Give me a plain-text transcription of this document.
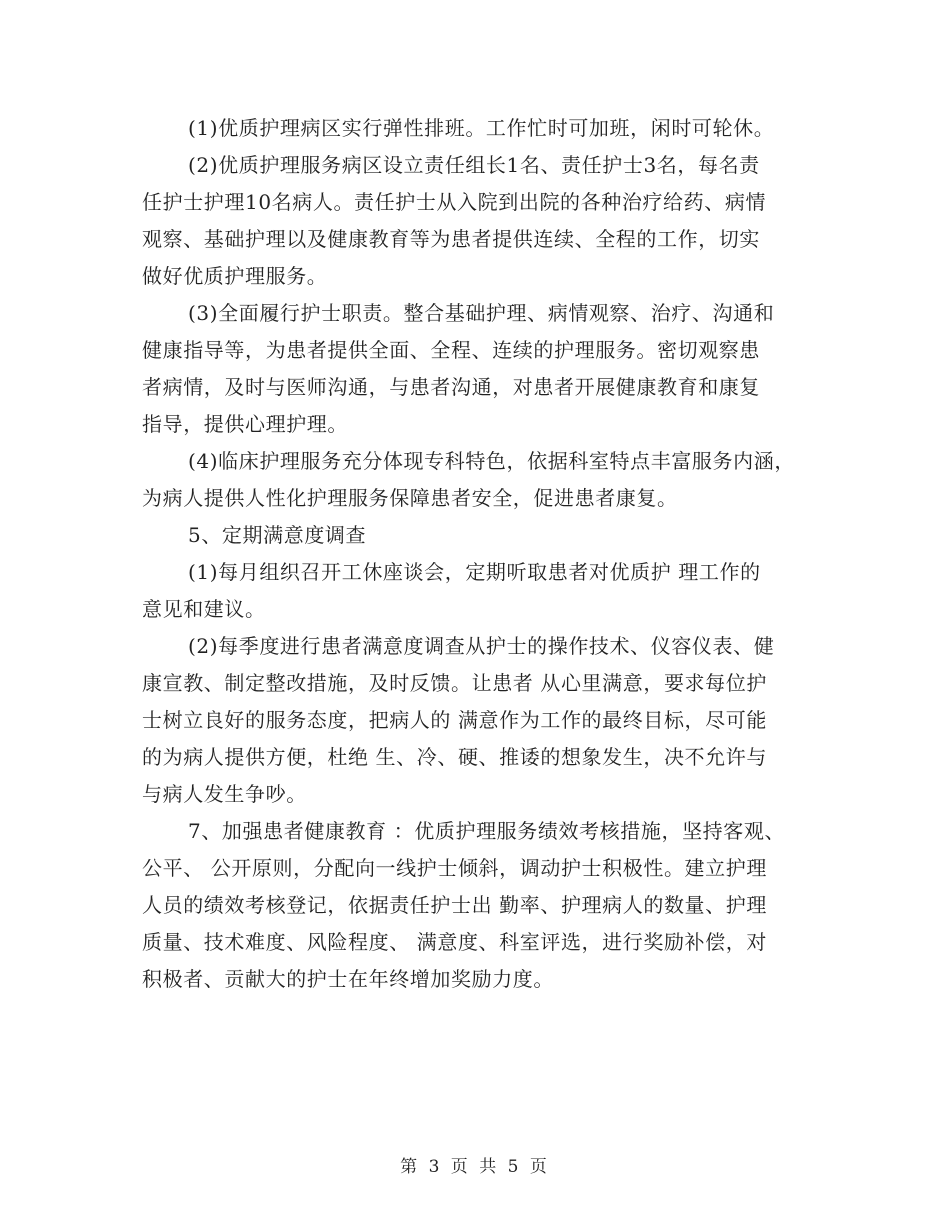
(1)优质护理病区实行弹性排班。工作忙时可加班，闲时可轮休。
(2)优质护理服务病区设立责任组长1名、责任护士3名，每名责
任护士护理10名病人。责任护士从入院到出院的各种治疗给药、病情
观察、基础护理以及健康教育等为患者提供连续、全程的工作，切实
做好优质护理服务。
(3)全面履行护士职责。整合基础护理、病情观察、治疗、沟通和
健康指导等，为患者提供全面、全程、连续的护理服务。密切观察患
者病情，及时与医师沟通，与患者沟通，对患者开展健康教育和康复
指导，提供心理护理。
(4)临床护理服务充分体现专科特色，依据科室特点丰富服务内涵，
为病人提供人性化护理服务保障患者安全，促进患者康复。
5、定期满意度调查
(1)每月组织召开工休座谈会，定期听取患者对优质护 理工作的
意见和建议。
(2)每季度进行患者满意度调查从护士的操作技术、仪容仪表、健
康宣教、制定整改措施，及时反馈。让患者 从心里满意，要求每位护
士树立良好的服务态度，把病人的 满意作为工作的最终目标，尽可能
的为病人提供方便，杜绝 生、冷、硬、推诿的想象发生，决不允许与
与病人发生争吵。
7、加强患者健康教育 ：优质护理服务绩效考核措施，坚持客观、
公平、 公开原则，分配向一线护士倾斜，调动护士积极性。建立护理
人员的绩效考核登记，依据责任护士出 勤率、护理病人的数量、护理
质量、技术难度、风险程度、 满意度、科室评选，进行奖励补偿，对
积极者、贡献大的护士在年终增加奖励力度。
第 3 页 共 5 页
